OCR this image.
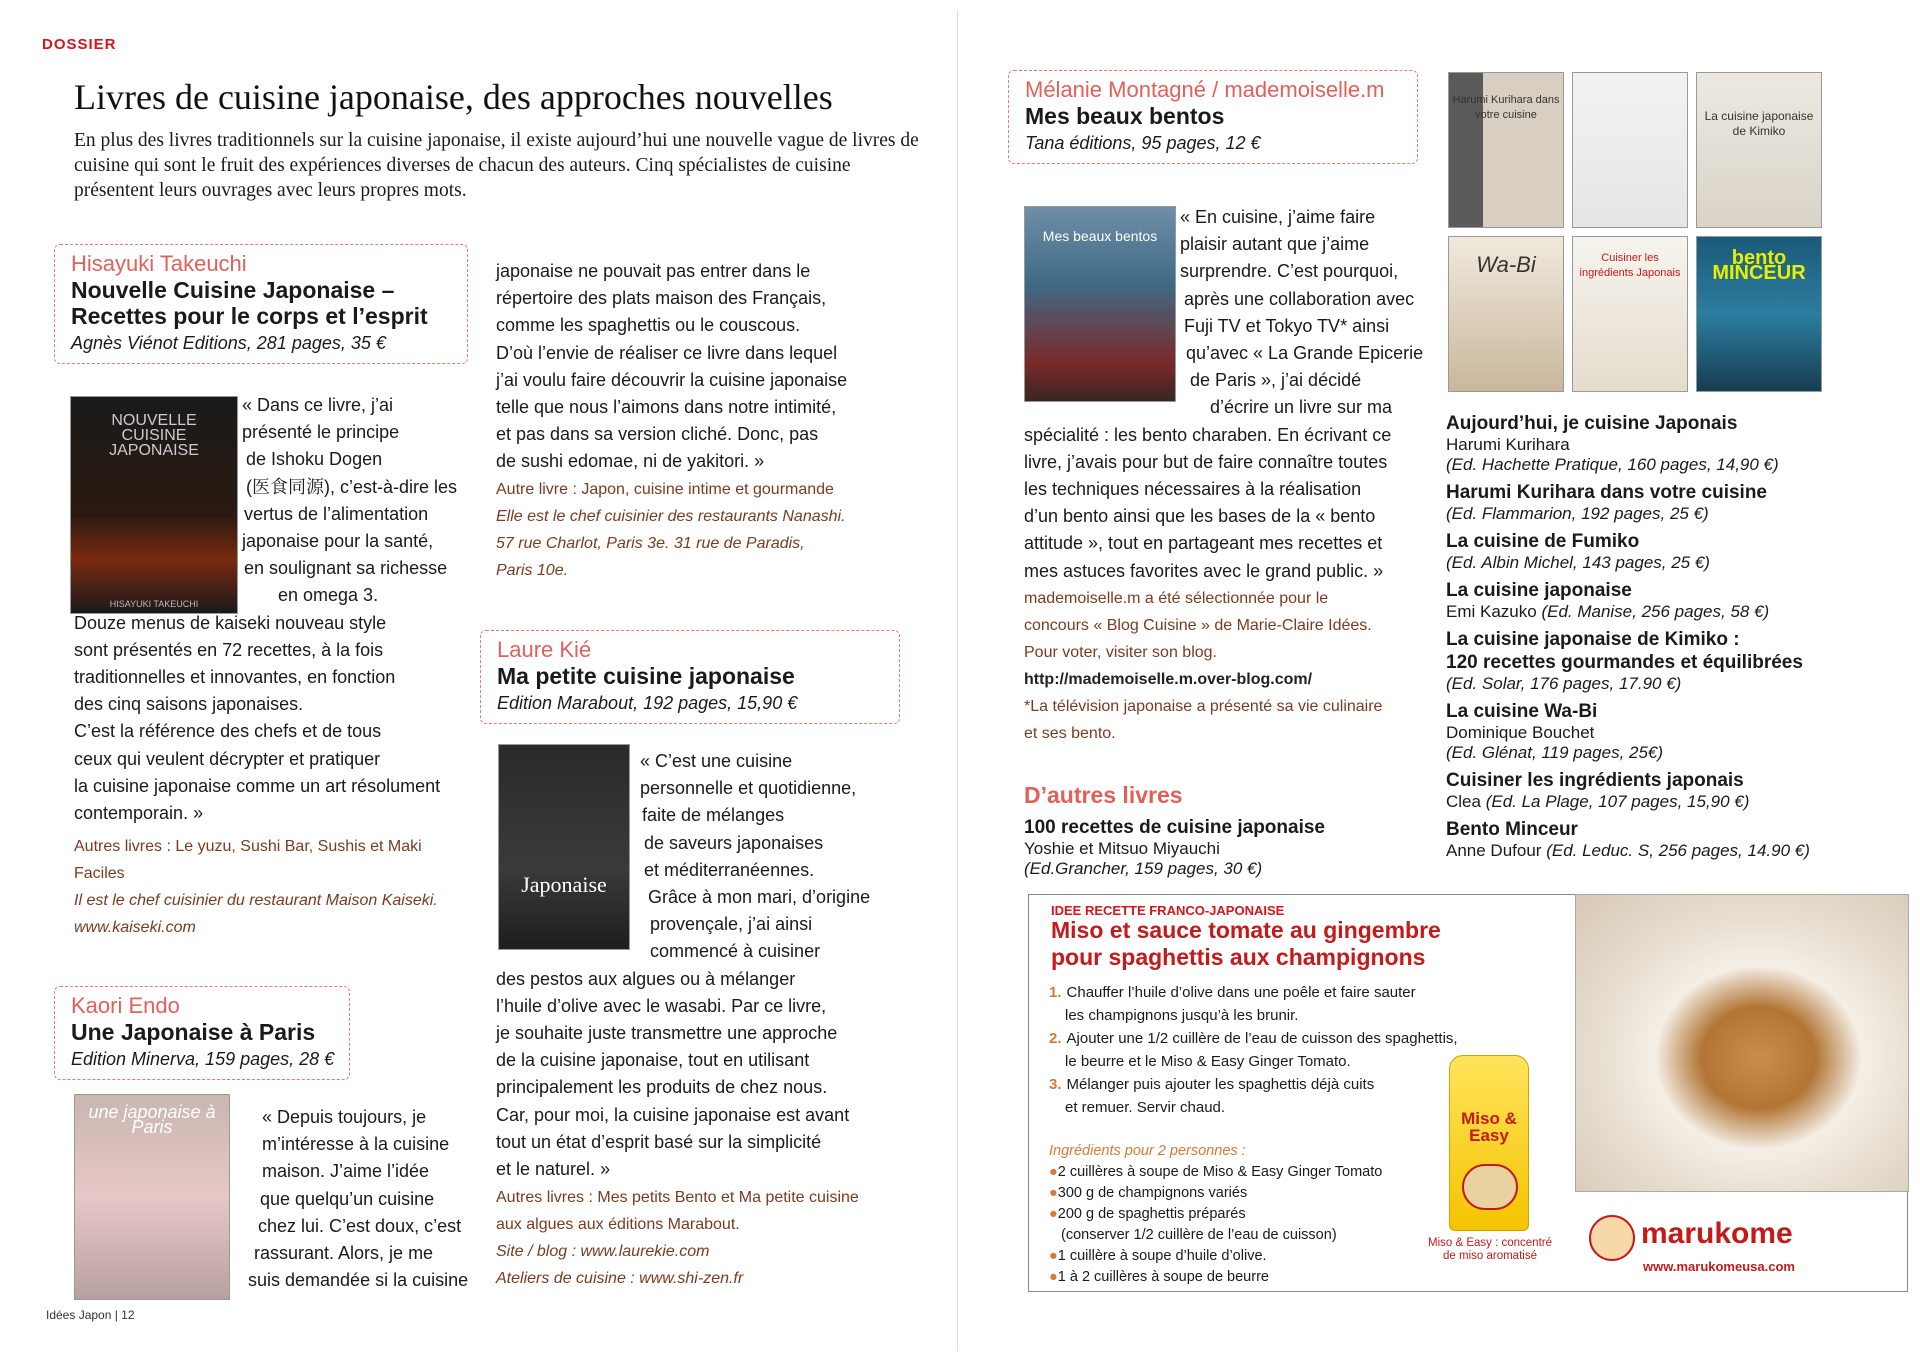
DOSSIER
Livres de cuisine japonaise, des approches nouvelles
En plus des livres traditionnels sur la cuisine japonaise, il existe aujourd’hui une nouvelle vague de livres de cuisine qui sont le fruit des expériences diverses de chacun des auteurs. Cinq spécialistes de cuisine présentent leurs ouvrages avec leurs propres mots.
Hisayuki Takeuchi
Nouvelle Cuisine Japonaise –
Recettes pour le corps et l’esprit
Agnès Viénot Editions, 281 pages, 35 €
NOUVELLE CUISINE JAPONAISE
HISAYUKI TAKEUCHI
« Dans ce livre, j’ai
présenté le principe
de Ishoku Dogen
(医食同源), c’est-à-dire les
vertus de l’alimentation
japonaise pour la santé,
en soulignant sa richesse
en omega 3.
Douze menus de kaiseki nouveau style
sont présentés en 72 recettes, à la fois
traditionnelles et innovantes, en fonction
des cinq saisons japonaises.
C’est la référence des chefs et de tous
ceux qui veulent décrypter et pratiquer
la cuisine japonaise comme un art résolument
contemporain. »
Autres livres : Le yuzu, Sushi Bar, Sushis et Maki
Faciles
Il est le chef cuisinier du restaurant Maison Kaiseki.
www.kaiseki.com
Kaori Endo
Une Japonaise à Paris
Edition Minerva, 159 pages, 28 €
une japonaise à Paris	« Depuis toujours, je
m’intéresse à la cuisine
maison. J’aime l’idée
que quelqu’un cuisine
chez lui. C’est doux, c’est
rassurant. Alors, je me
suis demandée si la cuisine
japonaise ne pouvait pas entrer dans le
répertoire des plats maison des Français,
comme les spaghettis ou le couscous.
D’où l’envie de réaliser ce livre dans lequel
j’ai voulu faire découvrir la cuisine japonaise
telle que nous l’aimons dans notre intimité,
et pas dans sa version cliché. Donc, pas
de sushi edomae, ni de yakitori. »
Autre livre : Japon, cuisine intime et gourmande
Elle est le chef cuisinier des restaurants Nanashi.
57 rue Charlot, Paris 3e. 31 rue de Paradis,
Paris 10e.
Laure Kié
Ma petite cuisine japonaise
Edition Marabout, 192 pages, 15,90 €
Japonaise
« C’est une cuisine
personnelle et quotidienne,
faite de mélanges
de saveurs japonaises
et méditerranéennes.
Grâce à mon mari, d’origine
provençale, j’ai ainsi
commencé à cuisiner
des pestos aux algues ou à mélanger
l’huile d’olive avec le wasabi. Par ce livre,
je souhaite juste transmettre une approche
de la cuisine japonaise, tout en utilisant
principalement les produits de chez nous.
Car, pour moi, la cuisine japonaise est avant
tout un état d’esprit basé sur la simplicité
et le naturel. »
Autres livres : Mes petits Bento et Ma petite cuisine
aux algues aux éditions Marabout.
Site / blog : www.laurekie.com
Ateliers de cuisine : www.shi-zen.fr
Idées Japon | 12
Mélanie Montagné / mademoiselle.m
Mes beaux bentos
Tana éditions, 95 pages, 12 €
Mes beaux bentos
« En cuisine, j’aime faire
plaisir autant que j’aime
surprendre. C’est pourquoi,
après une collaboration avec
Fuji TV et Tokyo TV* ainsi
qu’avec « La Grande Epicerie
de Paris », j’ai décidé
d’écrire un livre sur ma
spécialité : les bento charaben. En écrivant ce
livre, j’avais pour but de faire connaître toutes
les techniques nécessaires à la réalisation
d’un bento ainsi que les bases de la « bento
attitude », tout en partageant mes recettes et
mes astuces favorites avec le grand public. »
mademoiselle.m a été sélectionnée pour le
concours « Blog Cuisine » de Marie-Claire Idées.
Pour voter, visiter son blog.
http://mademoiselle.m.over-blog.com/
*La télévision japonaise a présenté sa vie culinaire
et ses bento.
Harumi Kurihara dans votre cuisine	La cuisine japonaise de Kimiko
Wa-Bi	Cuisiner les ingrédients Japonais
bento MINCEUR
D’autres livres
100 recettes de cuisine japonaise
Yoshie et Mitsuo Miyauchi
(Ed.Grancher, 159 pages, 30 €)
Aujourd’hui, je cuisine Japonais
Harumi Kurihara
(Ed. Hachette Pratique, 160 pages, 14,90 €)
Harumi Kurihara dans votre cuisine
(Ed. Flammarion, 192 pages, 25 €)
La cuisine de Fumiko
(Ed. Albin Michel, 143 pages, 25 €)
La cuisine japonaise
Emi Kazuko (Ed. Manise, 256 pages, 58 €)
La cuisine japonaise de Kimiko :
120 recettes gourmandes et équilibrées
(Ed. Solar, 176 pages, 17.90 €)
La cuisine Wa-Bi
Dominique Bouchet
(Ed. Glénat, 119 pages, 25€)
Cuisiner les ingrédients japonais
Clea (Ed. La Plage, 107 pages, 15,90 €)
Bento Minceur
Anne Dufour (Ed. Leduc. S, 256 pages, 14.90 €)
IDEE RECETTE FRANCO-JAPONAISE
Miso et sauce tomate au gingembre
pour spaghettis aux champignons
1. Chauffer l’huile d’olive dans une poêle et faire sauter
les champignons jusqu’à les brunir.
2. Ajouter une 1/2 cuillère de l’eau de cuisson des spaghettis,
le beurre et le Miso & Easy Ginger Tomato.
3. Mélanger puis ajouter les spaghettis déjà cuits
et remuer. Servir chaud.
Ingrédients pour 2 personnes :
●2 cuillères à soupe de Miso & Easy Ginger Tomato
●300 g de champignons variés
●200 g de spaghettis préparés
(conserver 1/2 cuillère de l’eau de cuisson)
●1 cuillère à soupe d’huile d’olive.
●1 à 2 cuillères à soupe de beurre
Miso & Easy
Miso & Easy : concentré
de miso aromatisé
marukome
www.marukomeusa.com
